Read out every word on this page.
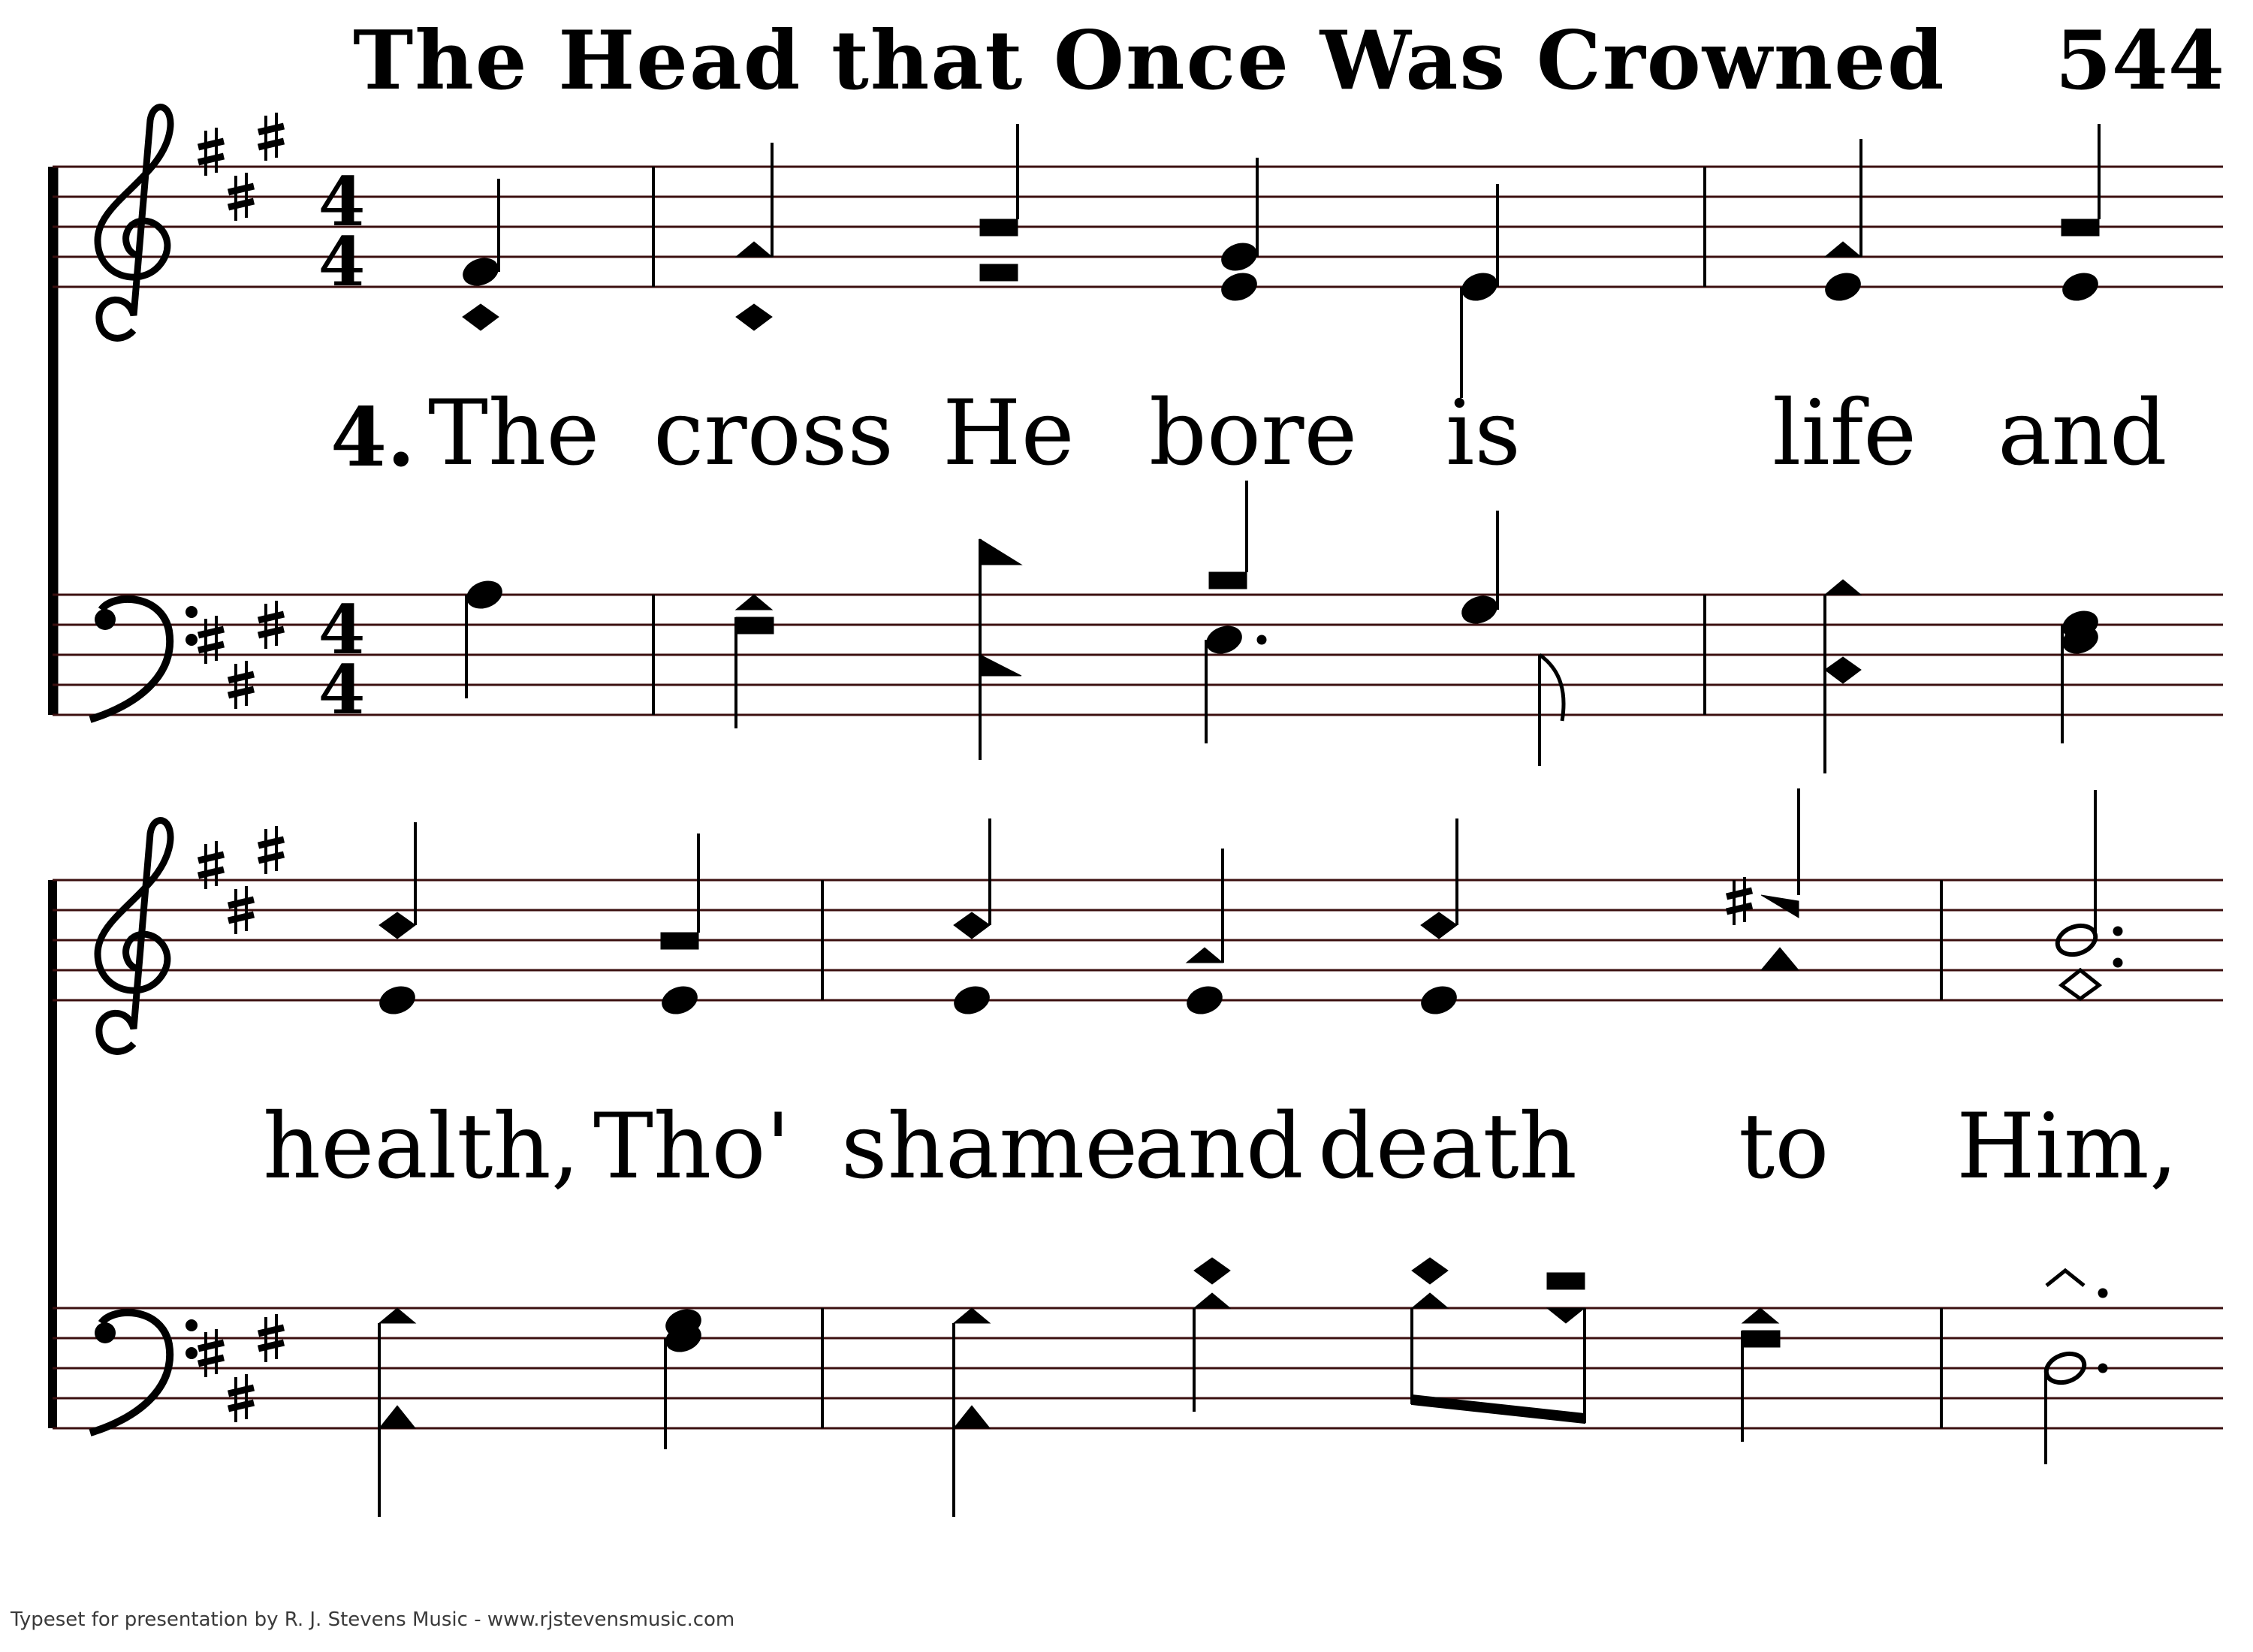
The Head that Once Was Crowned 544
4
4
4
4
4. The cross He bore is	life and
health, Tho' shame
and death to Him,
Typeset for presentation by R. J. Stevens Music - www.rjstevensmusic.com
